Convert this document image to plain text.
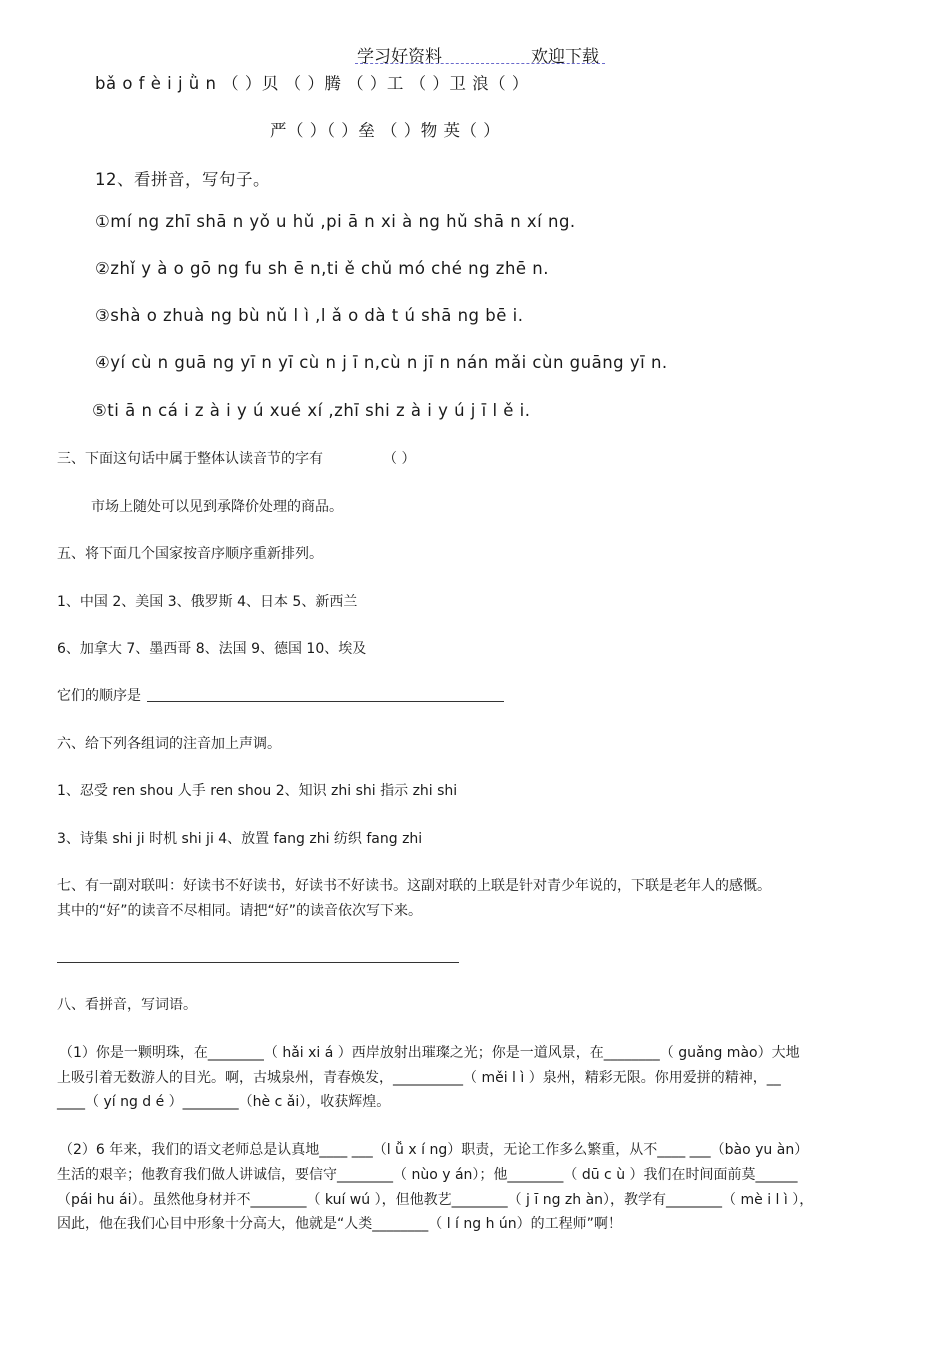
学习好资料	欢迎下载
bǎ o f è i j ǜ n （ ）贝 （ ）腾 （ ）工 （ ）卫 浪（ ）
严（ ）（ ）垒 （ ）物 英（ ）
12、看拼音，写句子。
①mí ng zhī shā n yǒ u hǔ ,pi ā n xi à ng hǔ shā n xí ng.
②zhǐ y à o gō ng fu sh ē n,ti ě chǔ mó ché ng zhē n.
③shà o zhuà ng bù nǔ l ì ,l ǎ o dà t ú shā ng bē i.
④yí cù n guā ng yī n yī cù n j ī n,cù n jī n nán mǎi cùn guāng yī n.
⑤ti ā n cá i z à i y ú xué xí ,zhī shi z à i y ú j ī l ě i.
三、下面这句话中属于整体认读音节的字有	（ ）
市场上随处可以见到承降价处理的商品。
五、将下面几个国家按音序顺序重新排列。
1、中国 2、美国 3、俄罗斯 4、日本 5、新西兰
6、加拿大 7、墨西哥 8、法国 9、德国 10、埃及
它们的顺序是
六、给下列各组词的注音加上声调。
1、忍受 ren shou 人手 ren shou 2、知识 zhi shi 指示 zhi shi
3、诗集 shi ji 时机 shi ji 4、放置 fang zhi 纺织 fang zhi
七、有一副对联叫：好读书不好读书，好读书不好读书。这副对联的上联是针对青少年说的，下联是老年人的感慨。
其中的“好”的读音不尽相同。请把“好”的读音依次写下来。
八、看拼音，写词语。
（1）你是一颗明珠，在________（ hǎi xi á ）西岸放射出璀璨之光；你是一道风景，在________（ guǎng mào）大地
上吸引着无数游人的目光。啊，古城泉州，青春焕发，__________（ měi l ì ）泉州，精彩无限。你用爱拼的精神，__
____（ yí ng d é ）________（hè c ǎi），收获辉煌。
（2）6 年来，我们的语文老师总是认真地____ ___（l ǚ x í ng）职责，无论工作多么繁重，从不____ ___（bào yu àn）
生活的艰辛；他教育我们做人讲诚信，要信守________（ nùo y án）；他________（ dū c ù ）我们在时间面前莫______
（pái hu ái）。虽然他身材并不________（ kuí wú ），但他教艺________（ j ī ng zh àn），教学有________（ mè i l ì ），
因此，他在我们心目中形象十分高大，他就是“人类________（ l í ng h ún）的工程师”啊！
